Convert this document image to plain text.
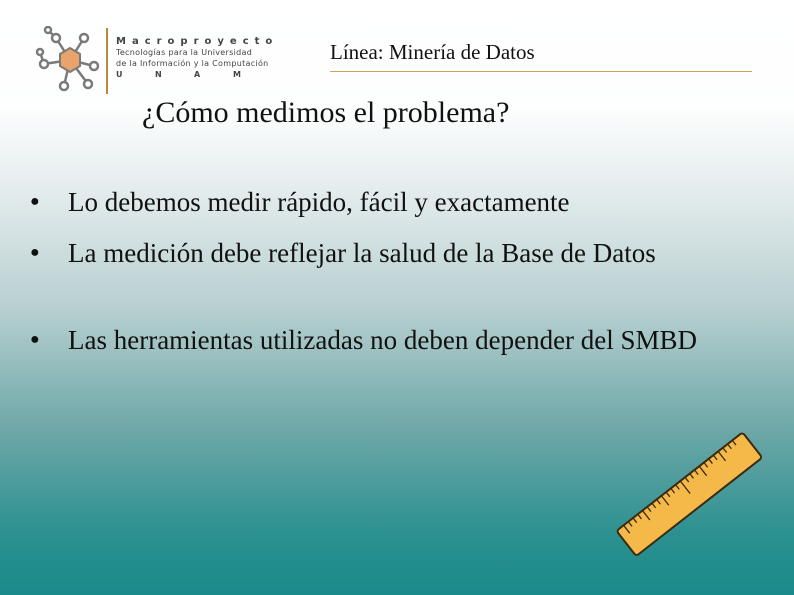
Macroproyecto
Tecnologías para la Universidad
de la Información y la Computación
U	N	A	M
Línea: Minería de Datos
¿Cómo medimos el problema?
●	Lo debemos medir rápido, fácil y exactamente
●	La medición debe reflejar la salud de la Base de Datos
●	Las herramientas utilizadas no deben depender del SMBD
